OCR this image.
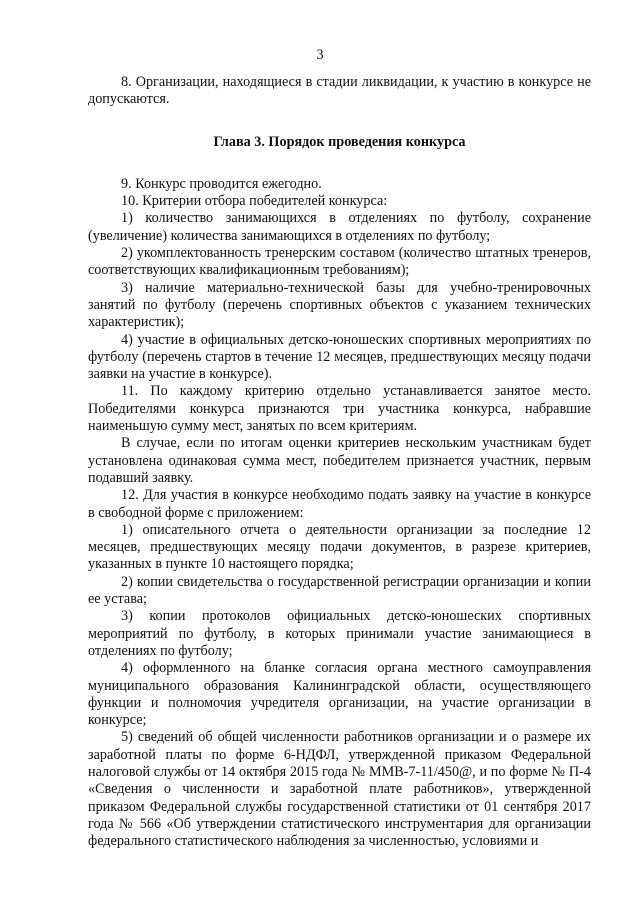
3

8. Организации, находящиеся в стадии ликвидации, к участию в конкурсе не допускаются.

Глава 3. Порядок проведения конкурса

9. Конкурс проводится ежегодно.

10. Критерии отбора победителей конкурса:

1) количество занимающихся в отделениях по футболу, сохранение (увеличение) количества занимающихся в отделениях по футболу;

2) укомплектованность тренерским составом (количество штатных тренеров, соответствующих квалификационным требованиям);

3) наличие материально-технической базы для учебно-тренировочных занятий по футболу (перечень спортивных объектов с указанием технических характеристик);

4) участие в официальных детско-юношеских спортивных мероприятиях по футболу (перечень стартов в течение 12 месяцев, предшествующих месяцу подачи заявки на участие в конкурсе).

11. По каждому критерию отдельно устанавливается занятое место. Победителями конкурса признаются три участника конкурса, набравшие наименьшую сумму мест, занятых по всем критериям.

В случае, если по итогам оценки критериев нескольким участникам будет установлена одинаковая сумма мест, победителем признается участник, первым подавший заявку.

12. Для участия в конкурсе необходимо подать заявку на участие в конкурсе в свободной форме с приложением:

1) описательного отчета о деятельности организации за последние 12 месяцев, предшествующих месяцу подачи документов, в разрезе критериев, указанных в пункте 10 настоящего порядка;

2) копии свидетельства о государственной регистрации организации и копии ее устава;

3) копии протоколов официальных детско-юношеских спортивных мероприятий по футболу, в которых принимали участие занимающиеся в отделениях по футболу;

4) оформленного на бланке согласия органа местного самоуправления муниципального образования Калининградской области, осуществляющего функции и полномочия учредителя организации, на участие организации в конкурсе;

5) сведений об общей численности работников организации и о размере их заработной платы по форме 6-НДФЛ, утвержденной приказом Федеральной налоговой службы от 14 октября 2015 года № ММВ-7-11/450@, и по форме № П-4 «Сведения о численности и заработной плате работников», утвержденной приказом Федеральной службы государственной статистики от 01 сентября 2017 года № 566 «Об утверждении статистического инструментария для организации федерального статистического наблюдения за численностью, условиями и
